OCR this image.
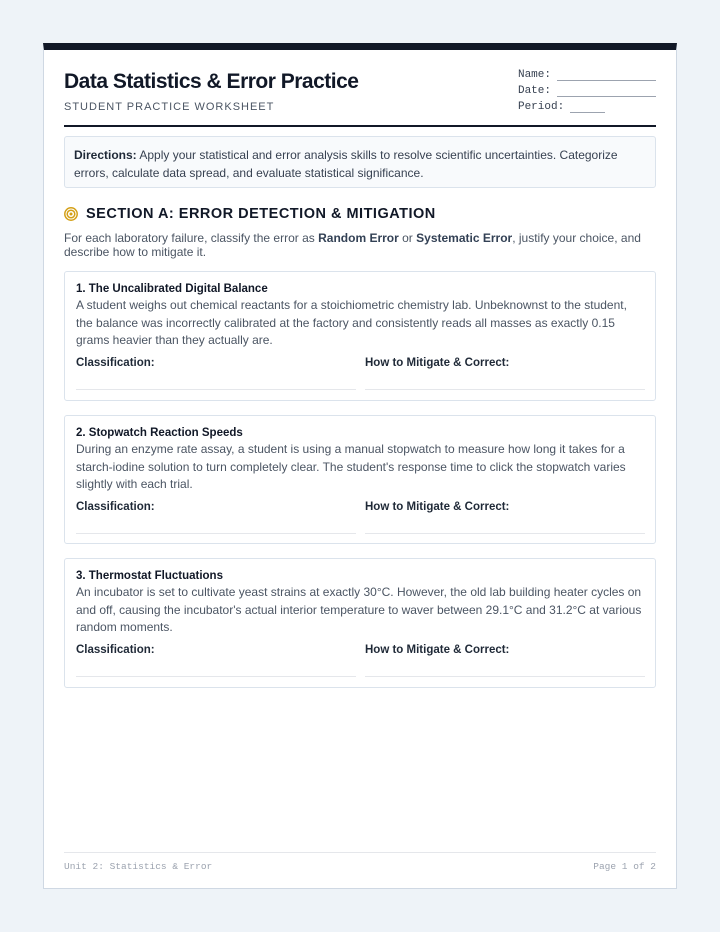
Data Statistics & Error Practice
STUDENT PRACTICE WORKSHEET
Name:
Date:
Period:
Directions: Apply your statistical and error analysis skills to resolve scientific uncertainties. Categorize errors, calculate data spread, and evaluate statistical significance.
SECTION A: ERROR DETECTION & MITIGATION
For each laboratory failure, classify the error as Random Error or Systematic Error, justify your choice, and describe how to mitigate it.
1. The Uncalibrated Digital Balance
A student weighs out chemical reactants for a stoichiometric chemistry lab. Unbeknownst to the student, the balance was incorrectly calibrated at the factory and consistently reads all masses as exactly 0.15 grams heavier than they actually are.
Classification:	How to Mitigate & Correct:
2. Stopwatch Reaction Speeds
During an enzyme rate assay, a student is using a manual stopwatch to measure how long it takes for a starch-iodine solution to turn completely clear. The student's response time to click the stopwatch varies slightly with each trial.
Classification:	How to Mitigate & Correct:
3. Thermostat Fluctuations
An incubator is set to cultivate yeast strains at exactly 30°C. However, the old lab building heater cycles on and off, causing the incubator's actual interior temperature to waver between 29.1°C and 31.2°C at various random moments.
Classification:	How to Mitigate & Correct:
Unit 2: Statistics & Error	Page 1 of 2
